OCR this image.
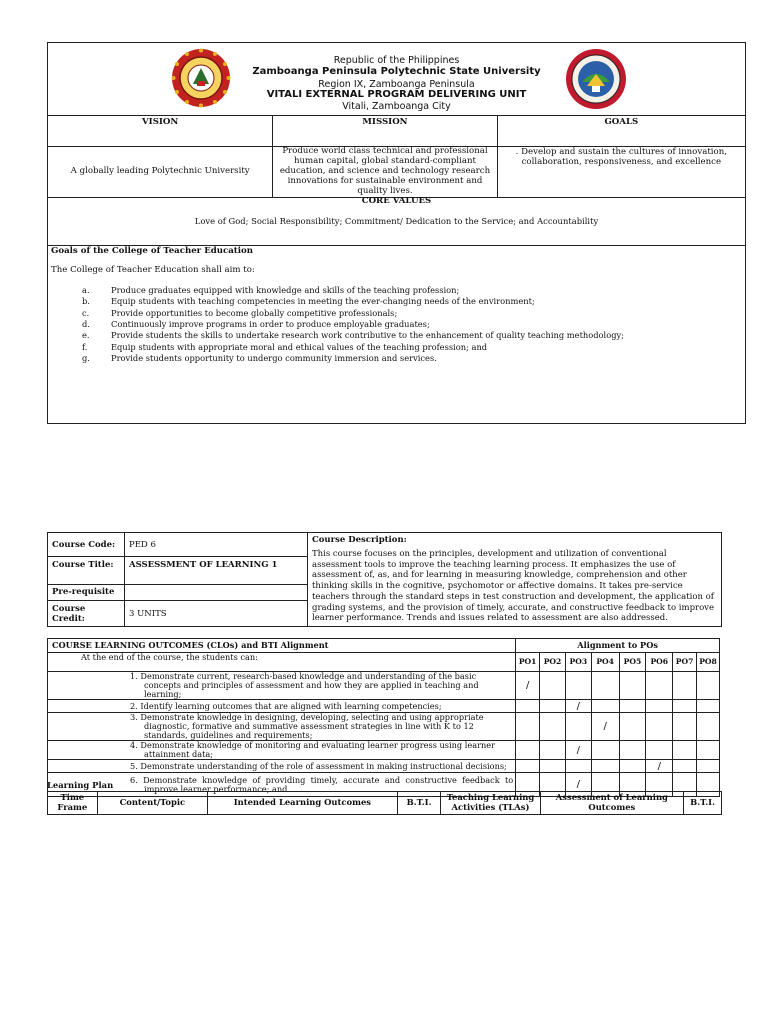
Republic of the Philippines
Zamboanga Peninsula Polytechnic State University
Region IX, Zamboanga Peninsula
VITALI EXTERNAL PROGRAM DELIVERING UNIT
Vitali, Zamboanga City
VISION	MISSION	GOALS
A globally leading Polytechnic University	Produce world class technical and professional human capital, global standard-compliant education, and science and technology research innovations for sustainable environment and quality lives.	. Develop and sustain the cultures of innovation, collaboration, responsiveness, and excellence
CORE VALUES
Love of God; Social Responsibility; Commitment/ Dedication to the Service; and Accountability
Goals of the College of Teacher Education
The College of Teacher Education shall aim to:
a.	Produce graduates equipped with knowledge and skills of the teaching profession;
b.	Equip students with teaching competencies in meeting the ever-changing needs of the environment;
c.	Provide opportunities to become globally competitive professionals;
d.	Continuously improve programs in order to produce employable graduates;
e.	Provide students the skills to undertake research work contributive to the enhancement of quality teaching methodology;
f.	Equip students with appropriate moral and ethical values of the teaching profession; and
g.	Provide students opportunity to undergo community immersion and services.
Course Code:	PED 6	Course Description:
This course focuses on the principles, development and utilization of conventional assessment tools to improve the teaching learning process. It emphasizes the use of assessment of, as, and for learning in measuring knowledge, comprehension and other thinking skills in the cognitive, psychomotor or affective domains. It takes pre-service teachers through the standard steps in test construction and development, the application of grading systems, and the provision of timely, accurate, and constructive feedback to improve learner performance. Trends and issues related to assessment are also addressed.

Course Title:	ASSESSMENT OF LEARNING 1	
Pre-requisite		
Course Credit:	3 UNITS	
COURSE LEARNING OUTCOMES (CLOs) and BTI Alignment	Alignment to POs							
At the end of the course, the students can:	PO1	PO2	PO3	PO4	PO5	PO6	PO7	PO8
1. Demonstrate current, research-based knowledge and understanding of the basic concepts and principles of assessment and how they are applied in teaching and learning;	/							
2. Identify learning outcomes that are aligned with learning competencies;			/					
3. Demonstrate knowledge in designing, developing, selecting and using appropriate diagnostic, formative and summative assessment strategies in line with K to 12 standards, guidelines and requirements;				/				
4. Demonstrate knowledge of monitoring and evaluating learner progress using learner attainment data;			/					
5. Demonstrate understanding of the role of assessment in making instructional decisions;						/		
6. Demonstrate knowledge of providing timely, accurate and constructive feedback to improve learner performance; and			/					
Learning Plan
Time Frame	Content/Topic	Intended Learning Outcomes	B.T.I.	Teaching Learning Activities (TLAs)	Assessment of Learning Outcomes	B.T.I.
